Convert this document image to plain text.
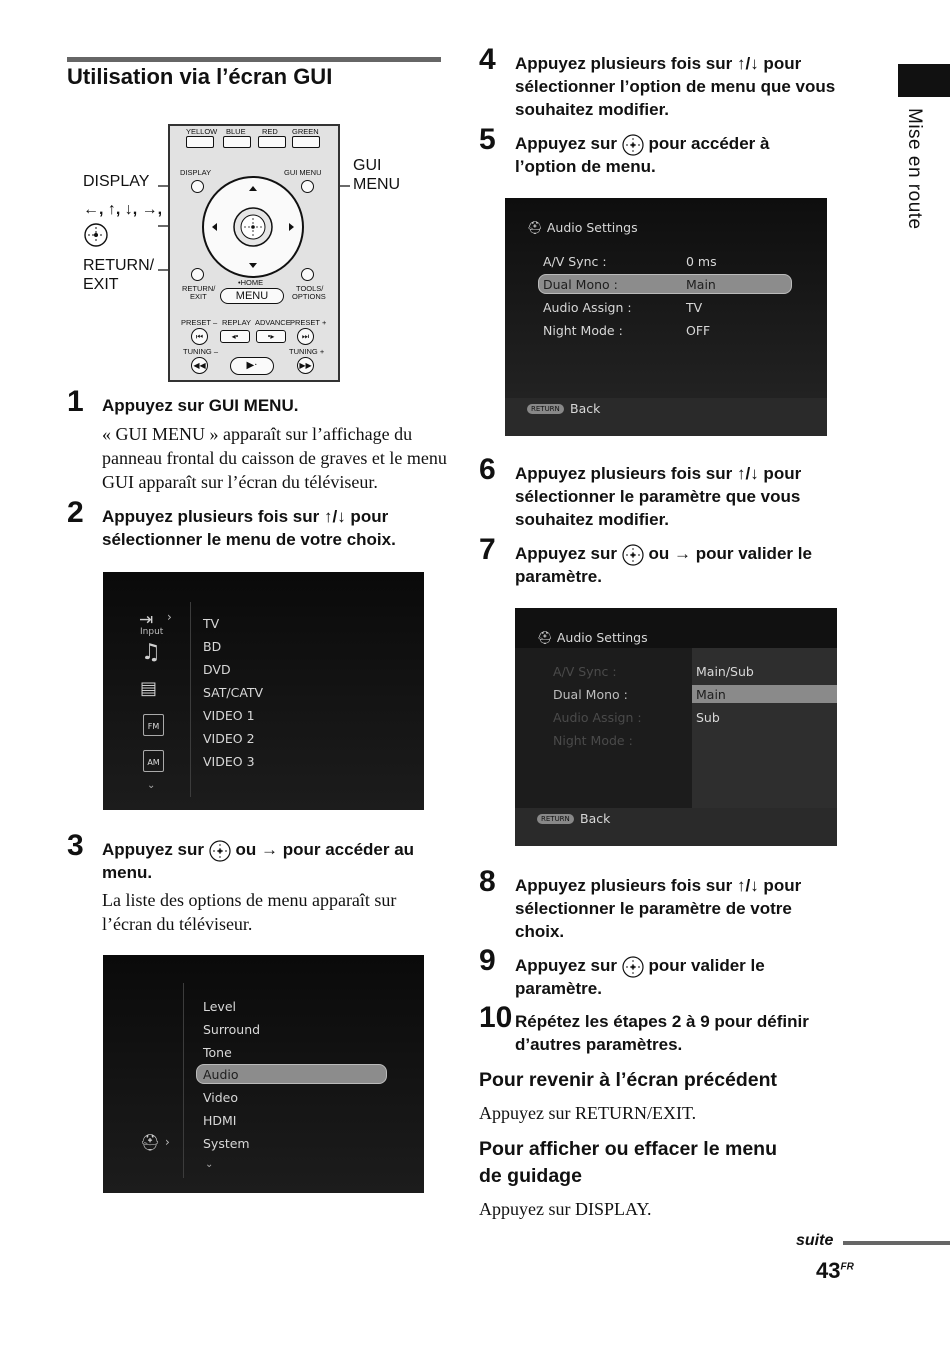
Mise en route
Utilisation via l’écran GUI
DISPLAY
←, ↑, ↓, →,
RETURN/
EXIT
GUI
MENU
YELLOW BLUE RED GREEN
DISPLAY	GUI MENU
•HOME
RETURN/
EXIT	MENU
TOOLS/
OPTIONS
PRESET – REPLAY ADVANCE PRESET +
⏮	◂•	•▸	⏭
TUNING –	TUNING +
◀◀	▶·	▶▶
1 Appuyez sur GUI MENU.
« GUI MENU » apparaît sur l’affichage du panneau frontal du caisson de graves et le menu GUI apparaît sur l’écran du téléviseur.
2 Appuyez plusieurs fois sur ↑/↓ pour
sélectionner le menu de votre choix.
⇥ ›
Input
♫
▤
FM
AM
⌄
TV
BD
DVD
SAT/CATV
VIDEO 1
VIDEO 2
VIDEO 3
3 Appuyez sur ou → pour accéder au
menu.
La liste des options de menu apparaît sur l’écran du téléviseur.
Level
Surround
Tone
Audio
Video
HDMI
System
⛑ ›
⌄
4 Appuyez plusieurs fois sur ↑/↓ pour
sélectionner l’option de menu que vous
souhaitez modifier.
5 Appuyez sur pour accéder à
l’option de menu.
⛑ Audio Settings
A/V Sync :	0 ms
Dual Mono :	Main
Audio Assign :	TV
Night Mode :	OFF
RETURN Back
6 Appuyez plusieurs fois sur ↑/↓ pour
sélectionner le paramètre que vous
souhaitez modifier.
7 Appuyez sur ou → pour valider le
paramètre.
⛑ Audio Settings
A/V Sync :
Dual Mono :
Audio Assign :
Night Mode :
Main/Sub
Main
Sub
RETURN Back
8 Appuyez plusieurs fois sur ↑/↓ pour
sélectionner le paramètre de votre
choix.
9 Appuyez sur pour valider le
paramètre.
10 Répétez les étapes 2 à 9 pour définir
d’autres paramètres.
Pour revenir à l’écran précédent
Appuyez sur RETURN/EXIT.
Pour afficher ou effacer le menu
de guidage
Appuyez sur DISPLAY.
suite
$43^{FR}$
